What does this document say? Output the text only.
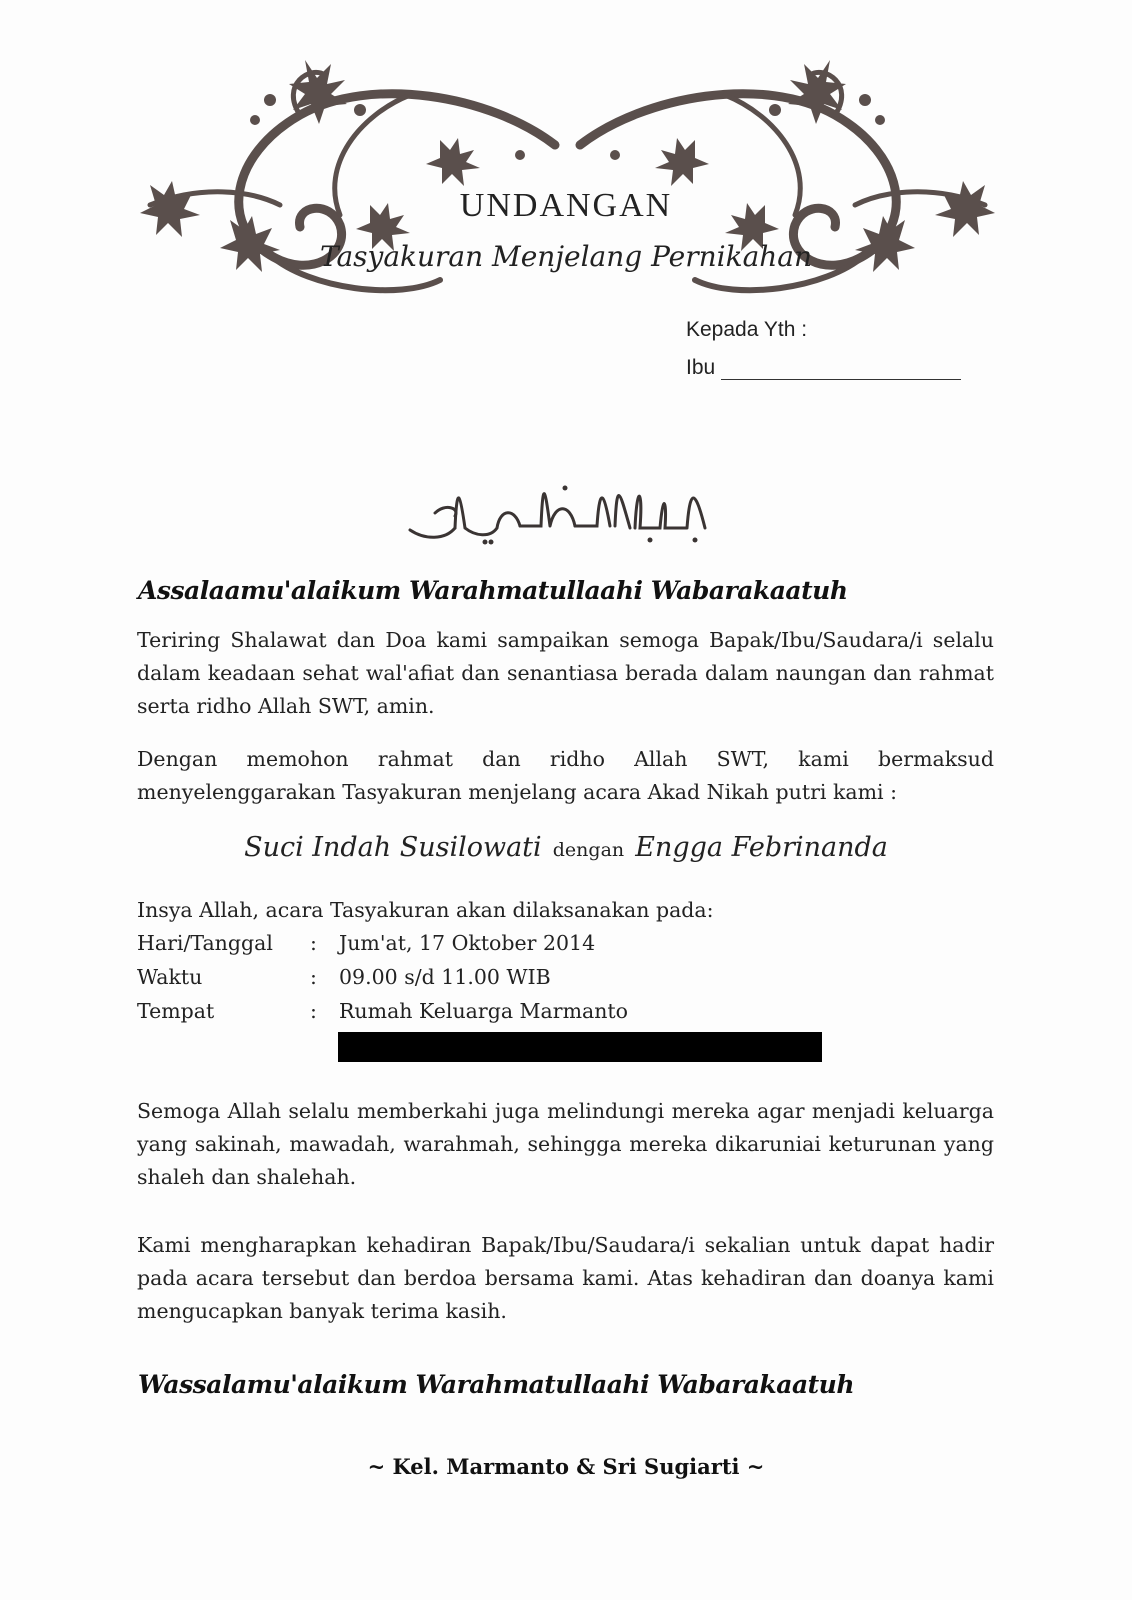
UNDANGAN
Tasyakuran Menjelang Pernikahan
Kepada Yth :
Ibu
Assalaamu'alaikum Warahmatullaahi Wabarakaatuh
Teriring Shalawat dan Doa kami sampaikan semoga Bapak/Ibu/Saudara/i selalu dalam keadaan sehat wal'afiat dan senantiasa berada dalam naungan dan rahmat serta ridho Allah SWT, amin.
Dengan memohon rahmat dan ridho Allah SWT, kami bermaksud menyelenggarakan Tasyakuran menjelang acara Akad Nikah putri kami :
Suci Indah Susilowati dengan Engga Febrinanda
Insya Allah, acara Tasyakuran akan dilaksanakan pada:
Hari/Tanggal : Jum'at, 17 Oktober 2014
Waktu	: 09.00 s/d 11.00 WIB
Tempat	: Rumah Keluarga Marmanto
Semoga Allah selalu memberkahi juga melindungi mereka agar menjadi keluarga yang sakinah, mawadah, warahmah, sehingga mereka dikaruniai keturunan yang shaleh dan shalehah.
Kami mengharapkan kehadiran Bapak/Ibu/Saudara/i sekalian untuk dapat hadir pada acara tersebut dan berdoa bersama kami. Atas kehadiran dan doanya kami mengucapkan banyak terima kasih.
Wassalamu'alaikum Warahmatullaahi Wabarakaatuh
~ Kel. Marmanto & Sri Sugiarti ~
